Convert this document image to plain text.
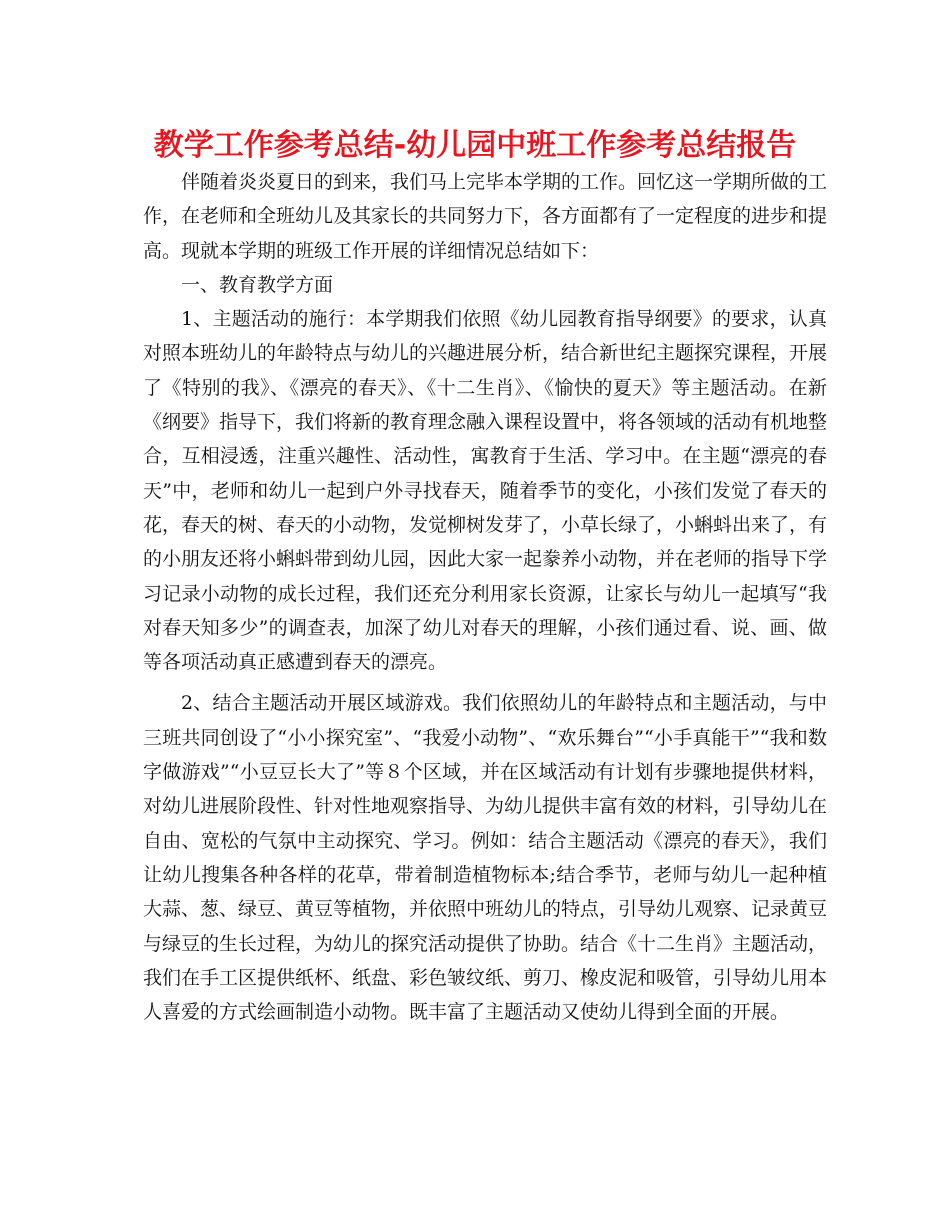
教学工作参考总结-幼儿园中班工作参考总结报告

伴随着炎炎夏日的到来，我们马上完毕本学期的工作。回忆这一学期所做的工作，在老师和全班幼儿及其家长的共同努力下，各方面都有了一定程度的进步和提高。现就本学期的班级工作开展的详细情况总结如下：

一、教育教学方面

1、主题活动的施行：本学期我们依照《幼儿园教育指导纲要》的要求，认真对照本班幼儿的年龄特点与幼儿的兴趣进展分析，结合新世纪主题探究课程，开展了《特别的我》、《漂亮的春天》、《十二生肖》、《愉快的夏天》等主题活动。在新《纲要》指导下，我们将新的教育理念融入课程设置中，将各领域的活动有机地整合，互相浸透，注重兴趣性、活动性，寓教育于生活、学习中。在主题“漂亮的春天”中，老师和幼儿一起到户外寻找春天，随着季节的变化，小孩们发觉了春天的花，春天的树、春天的小动物，发觉柳树发芽了，小草长绿了，小蝌蚪出来了，有的小朋友还将小蝌蚪带到幼儿园，因此大家一起豢养小动物，并在老师的指导下学习记录小动物的成长过程，我们还充分利用家长资源，让家长与幼儿一起填写“我对春天知多少”的调查表，加深了幼儿对春天的理解，小孩们通过看、说、画、做等各项活动真正感遭到春天的漂亮。

2、结合主题活动开展区域游戏。我们依照幼儿的年龄特点和主题活动，与中三班共同创设了“小小探究室”、“我爱小动物”、“欢乐舞台”“小手真能干”“我和数字做游戏”“小豆豆长大了”等８个区域，并在区域活动有计划有步骤地提供材料，对幼儿进展阶段性、针对性地观察指导、为幼儿提供丰富有效的材料，引导幼儿在自由、宽松的气氛中主动探究、学习。例如：结合主题活动《漂亮的春天》，我们让幼儿搜集各种各样的花草，带着制造植物标本;结合季节，老师与幼儿一起种植大蒜、葱、绿豆、黄豆等植物，并依照中班幼儿的特点，引导幼儿观察、记录黄豆与绿豆的生长过程，为幼儿的探究活动提供了协助。结合《十二生肖》主题活动，我们在手工区提供纸杯、纸盘、彩色皱纹纸、剪刀、橡皮泥和吸管，引导幼儿用本人喜爱的方式绘画制造小动物。既丰富了主题活动又使幼儿得到全面的开展。
